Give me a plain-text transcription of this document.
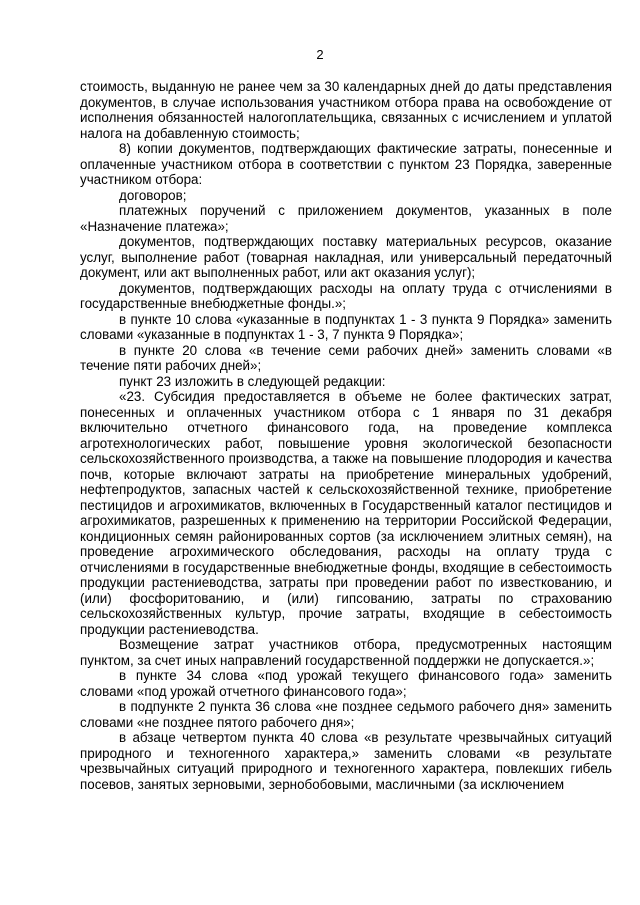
2

стоимость, выданную не ранее чем за 30 календарных дней до даты представления документов, в случае использования участником отбора права на освобождение от исполнения обязанностей налогоплательщика, связанных с исчислением и уплатой налога на добавленную стоимость;

8) копии документов, подтверждающих фактические затраты, понесенные и оплаченные участником отбора в соответствии с пунктом 23 Порядка, заверенные участником отбора:

договоров;

платежных поручений с приложением документов, указанных в поле «Назначение платежа»;

документов, подтверждающих поставку материальных ресурсов, оказание услуг, выполнение работ (товарная накладная, или универсальный передаточный документ, или акт выполненных работ, или акт оказания услуг);

документов, подтверждающих расходы на оплату труда с отчислениями в государственные внебюджетные фонды.»;

в пункте 10 слова «указанные в подпунктах 1 - 3 пункта 9 Порядка» заменить словами «указанные в подпунктах 1 - 3, 7 пункта 9 Порядка»;

в пункте 20 слова «в течение семи рабочих дней» заменить словами «в течение пяти рабочих дней»;

пункт 23 изложить в следующей редакции:

«23. Субсидия предоставляется в объеме не более фактических затрат, понесенных и оплаченных участником отбора с 1 января по 31 декабря включительно отчетного финансового года, на проведение комплекса агротехнологических работ, повышение уровня экологической безопасности сельскохозяйственного производства, а также на повышение плодородия и качества почв, которые включают затраты на приобретение минеральных удобрений, нефтепродуктов, запасных частей к сельскохозяйственной технике, приобретение пестицидов и агрохимикатов, включенных в Государственный каталог пестицидов и агрохимикатов, разрешенных к применению на территории Российской Федерации, кондиционных семян районированных сортов (за исключением элитных семян), на проведение агрохимического обследования, расходы на оплату труда с отчислениями в государственные внебюджетные фонды, входящие в себестоимость продукции растениеводства, затраты при проведении работ по известкованию, и (или) фосфоритованию, и (или) гипсованию, затраты по страхованию сельскохозяйственных культур, прочие затраты, входящие в себестоимость продукции растениеводства.

Возмещение затрат участников отбора, предусмотренных настоящим пунктом, за счет иных направлений государственной поддержки не допускается.»;

в пункте 34 слова «под урожай текущего финансового года» заменить словами «под урожай отчетного финансового года»;

в подпункте 2 пункта 36 слова «не позднее седьмого рабочего дня» заменить словами «не позднее пятого рабочего дня»;

в абзаце четвертом пункта 40 слова «в результате чрезвычайных ситуаций природного и техногенного характера,» заменить словами «в результате чрезвычайных ситуаций природного и техногенного характера, повлекших гибель посевов, занятых зерновыми, зернобобовыми, масличными (за исключением
